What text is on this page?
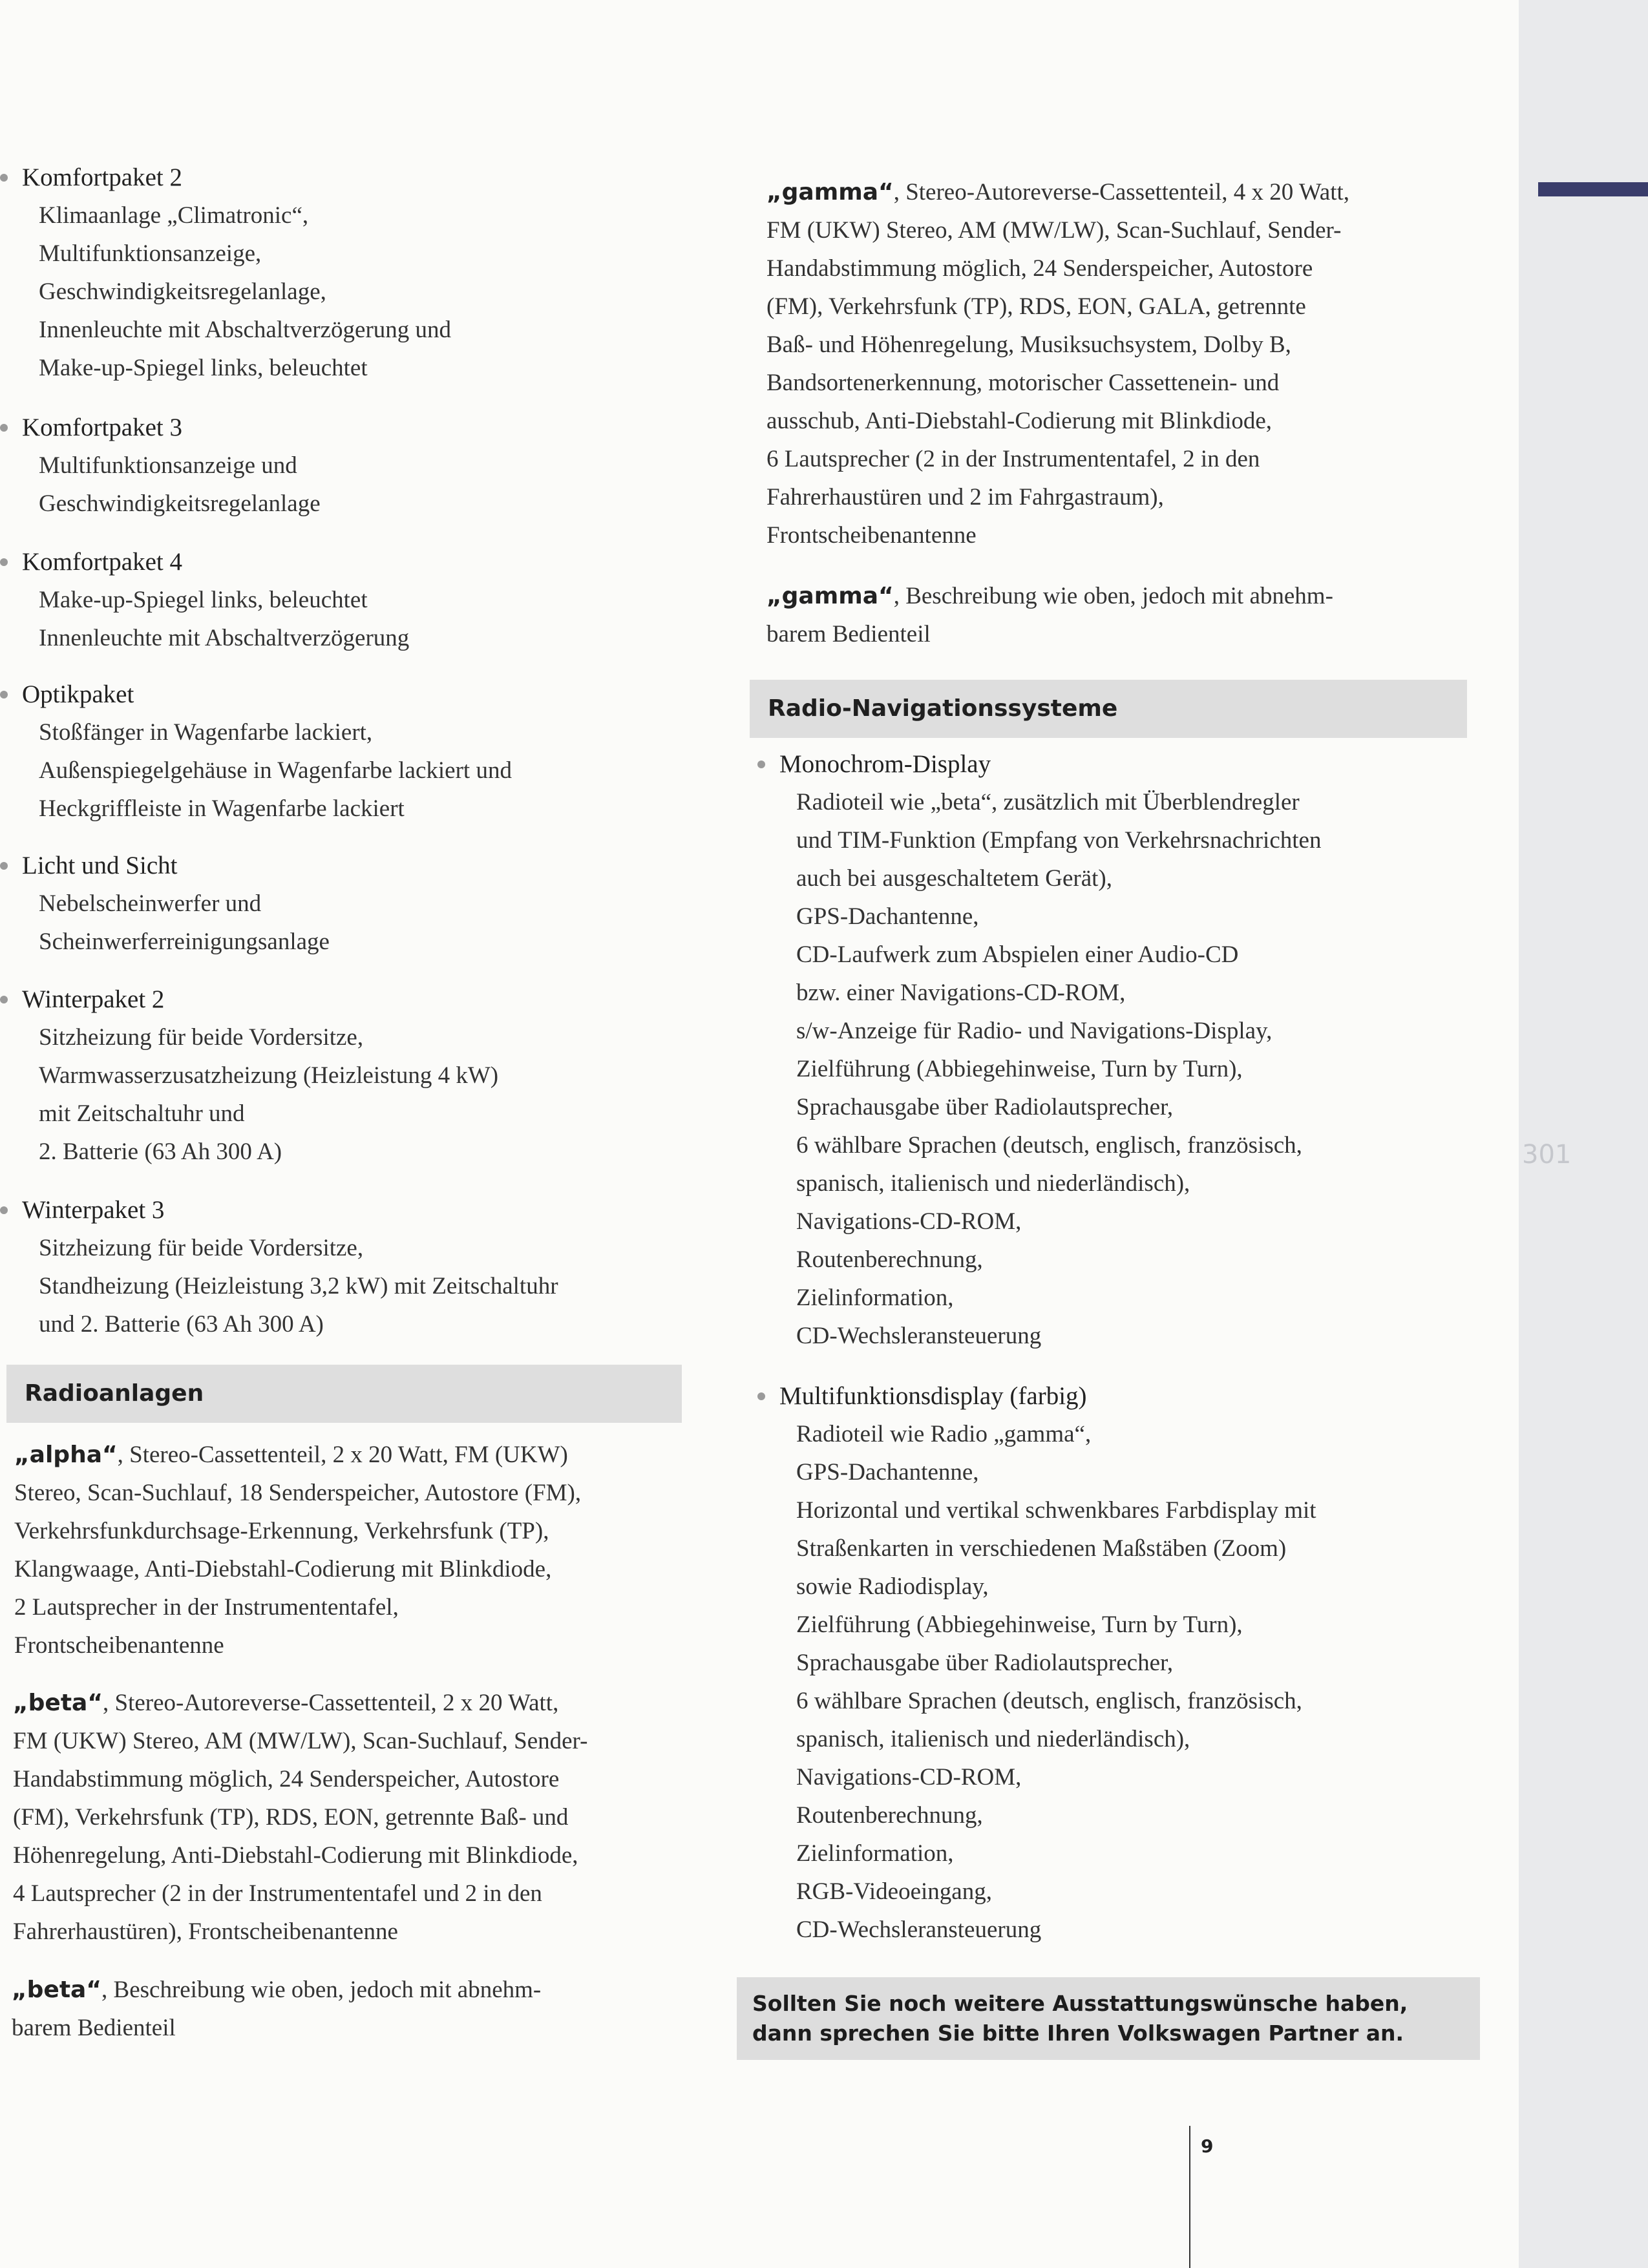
301
Komfortpaket 2
Klimaanlage „Climatronic“,
Multifunktionsanzeige,
Geschwindigkeitsregelanlage,
Innenleuchte mit Abschaltverzögerung und
Make-up-Spiegel links, beleuchtet
Komfortpaket 3
Multifunktionsanzeige und
Geschwindigkeitsregelanlage
Komfortpaket 4
Make-up-Spiegel links, beleuchtet
Innenleuchte mit Abschaltverzögerung
Optikpaket
Stoßfänger in Wagenfarbe lackiert,
Außenspiegelgehäuse in Wagenfarbe lackiert und
Heckgriffleiste in Wagenfarbe lackiert
Licht und Sicht
Nebelscheinwerfer und
Scheinwerferreinigungsanlage
Winterpaket 2
Sitzheizung für beide Vordersitze,
Warmwasserzusatzheizung (Heizleistung 4 kW)
mit Zeitschaltuhr und
2. Batterie (63 Ah 300 A)
Winterpaket 3
Sitzheizung für beide Vordersitze,
Standheizung (Heizleistung 3,2 kW) mit Zeitschaltuhr
und 2. Batterie (63 Ah 300 A)
Radioanlagen
„alpha“, Stereo-Cassettenteil, 2 x 20 Watt, FM (UKW)
Stereo, Scan-Suchlauf, 18 Senderspeicher, Autostore (FM),
Verkehrsfunkdurchsage-Erkennung, Verkehrsfunk (TP),
Klangwaage, Anti-Diebstahl-Codierung mit Blinkdiode,
2 Lautsprecher in der Instrumententafel,
Frontscheibenantenne
„beta“, Stereo-Autoreverse-Cassettenteil, 2 x 20 Watt,
FM (UKW) Stereo, AM (MW/LW), Scan-Suchlauf, Sender-
Handabstimmung möglich, 24 Senderspeicher, Autostore
(FM), Verkehrsfunk (TP), RDS, EON, getrennte Baß- und
Höhenregelung, Anti-Diebstahl-Codierung mit Blinkdiode,
4 Lautsprecher (2 in der Instrumententafel und 2 in den
Fahrerhaustüren), Frontscheibenantenne
„beta“, Beschreibung wie oben, jedoch mit abnehm-
barem Bedienteil
„gamma“, Stereo-Autoreverse-Cassettenteil, 4 x 20 Watt,
FM (UKW) Stereo, AM (MW/LW), Scan-Suchlauf, Sender-
Handabstimmung möglich, 24 Senderspeicher, Autostore
(FM), Verkehrsfunk (TP), RDS, EON, GALA, getrennte
Baß- und Höhenregelung, Musiksuchsystem, Dolby B,
Bandsortenerkennung, motorischer Cassettenein- und
ausschub, Anti-Diebstahl-Codierung mit Blinkdiode,
6 Lautsprecher (2 in der Instrumententafel, 2 in den
Fahrerhaustüren und 2 im Fahrgastraum),
Frontscheibenantenne
„gamma“, Beschreibung wie oben, jedoch mit abnehm-
barem Bedienteil
Radio-Navigationssysteme
Monochrom-Display
Radioteil wie „beta“, zusätzlich mit Überblendregler
und TIM-Funktion (Empfang von Verkehrsnachrichten
auch bei ausgeschaltetem Gerät),
GPS-Dachantenne,
CD-Laufwerk zum Abspielen einer Audio-CD
bzw. einer Navigations-CD-ROM,
s/w-Anzeige für Radio- und Navigations-Display,
Zielführung (Abbiegehinweise, Turn by Turn),
Sprachausgabe über Radiolautsprecher,
6 wählbare Sprachen (deutsch, englisch, französisch,
spanisch, italienisch und niederländisch),
Navigations-CD-ROM,
Routenberechnung,
Zielinformation,
CD-Wechsleransteuerung
Multifunktionsdisplay (farbig)
Radioteil wie Radio „gamma“,
GPS-Dachantenne,
Horizontal und vertikal schwenkbares Farbdisplay mit
Straßenkarten in verschiedenen Maßstäben (Zoom)
sowie Radiodisplay,
Zielführung (Abbiegehinweise, Turn by Turn),
Sprachausgabe über Radiolautsprecher,
6 wählbare Sprachen (deutsch, englisch, französisch,
spanisch, italienisch und niederländisch),
Navigations-CD-ROM,
Routenberechnung,
Zielinformation,
RGB-Videoeingang,
CD-Wechsleransteuerung
Sollten Sie noch weitere Ausstattungswünsche haben,
dann sprechen Sie bitte Ihren Volkswagen Partner an.
9
